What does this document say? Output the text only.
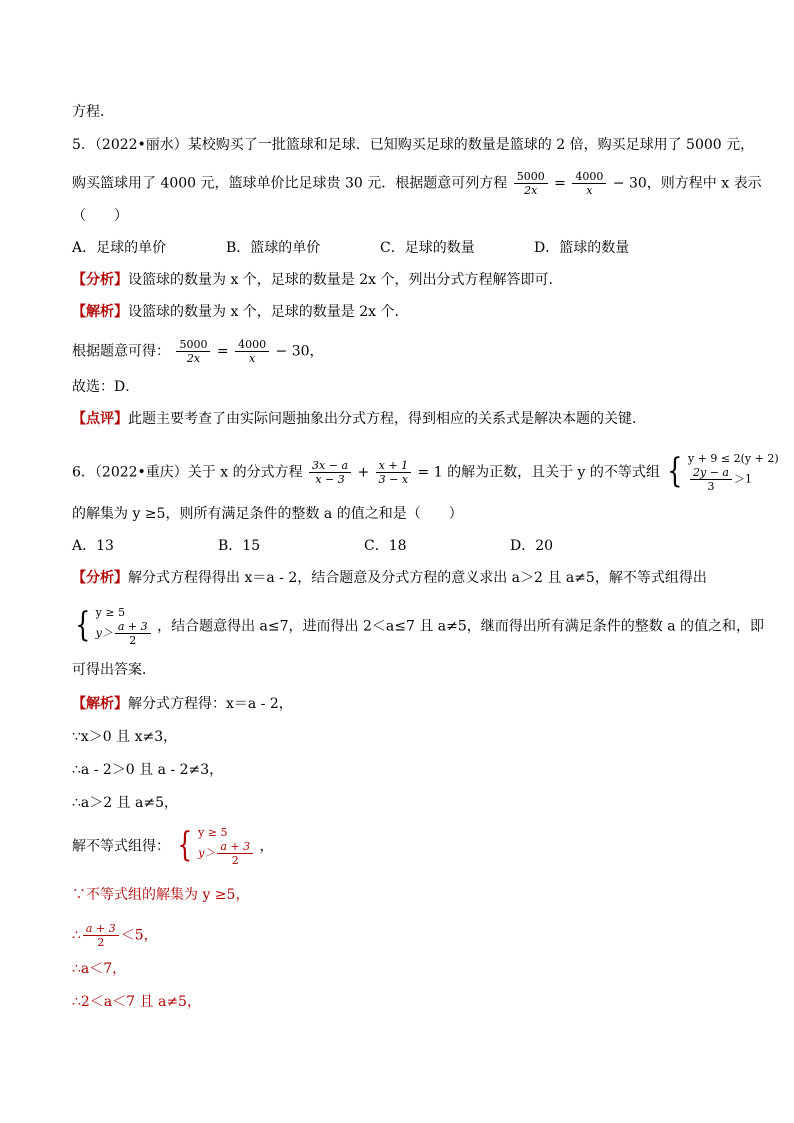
方程．
5．（2022•丽水）某校购买了一批篮球和足球．已知购买足球的数量是篮球的 2 倍，购买足球用了 5000 元，
购买篮球用了 4000 元，篮球单价比足球贵 30 元．根据题意可列方程 $\frac{5000}{2x} = \frac{4000}{x} - 30$，则方程中 x 表示
（　　）
A．足球的单价	B．篮球的单价	C．足球的数量	D．篮球的数量
【分析】设篮球的数量为 x 个，足球的数量是 2x 个，列出分式方程解答即可．
【解析】设篮球的数量为 x 个，足球的数量是 2x 个．
根据题意可得： $\frac{5000}{2x} = \frac{4000}{x} - 30$，
故选：D．
【点评】此题主要考查了由实际问题抽象出分式方程，得到相应的关系式是解决本题的关键．
6．（2022•重庆）关于 x 的分式方程 $\frac{3x - a}{x - 3} + \frac{x + 1}{3 - x} = 1$ 的解为正数，且关于 y 的不等式组 { y + 9 ≤ 2(y + 2)
$\frac{2y - a}{3} >1$
的解集为 y ≥5，则所有满足条件的整数 a 的值之和是（　　）
A．13	B．15	C．18	D．20
【分析】解分式方程得得出 x＝a - 2，结合题意及分式方程的意义求出 a＞2 且 a≠5，解不等式组得出
{ y ≥ 5
$y> \frac{a + 3}{2}$ ，结合题意得出 a≤7，进而得出 2＜a≤7 且 a≠5，继而得出所有满足条件的整数 a 的值之和，即
可得出答案．
【解析】解分式方程得：x＝a - 2，
∵x＞0 且 x≠3，
∴a - 2＞0 且 a - 2≠3，
∴a＞2 且 a≠5，
解不等式组得： { y ≥ 5
$y> \frac{a + 3}{2}$ ，
∵不等式组的解集为 y ≥5，
∴ $\frac{a + 3}{2} <5$，
∴a＜7，
∴2＜a＜7 且 a≠5，
